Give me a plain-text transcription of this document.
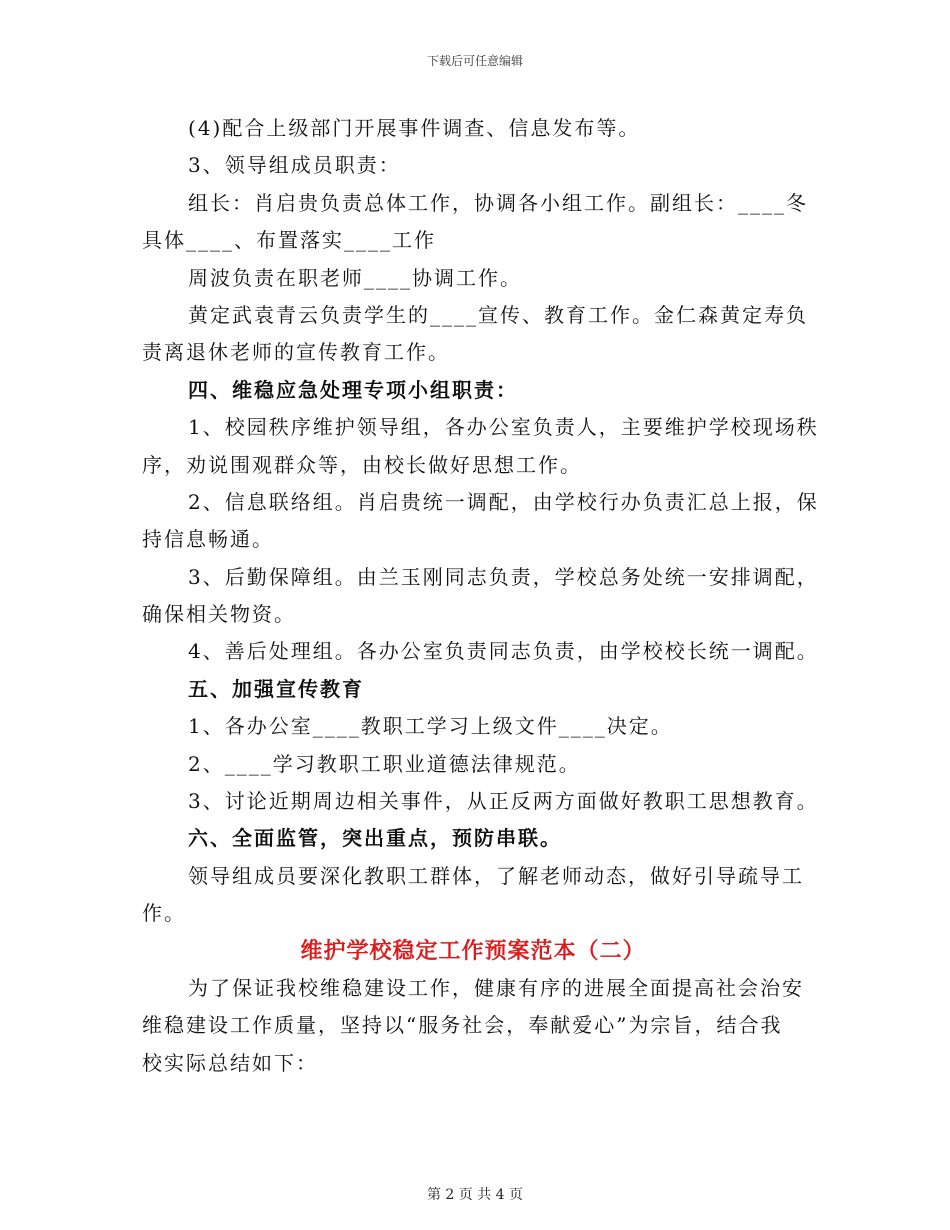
下载后可任意编辑
(4)配合上级部门开展事件调查、信息发布等。
3、领导组成员职责：
组长：肖启贵负责总体工作，协调各小组工作。副组长：____冬
具体____、布置落实____工作
周波负责在职老师____协调工作。
黄定武袁青云负责学生的____宣传、教育工作。金仁森黄定寿负
责离退休老师的宣传教育工作。
四、维稳应急处理专项小组职责：
1、校园秩序维护领导组，各办公室负责人，主要维护学校现场秩
序，劝说围观群众等，由校长做好思想工作。
2、信息联络组。肖启贵统一调配，由学校行办负责汇总上报，保
持信息畅通。
3、后勤保障组。由兰玉刚同志负责，学校总务处统一安排调配，
确保相关物资。
4、善后处理组。各办公室负责同志负责，由学校校长统一调配。
五、加强宣传教育
1、各办公室____教职工学习上级文件____决定。
2、____学习教职工职业道德法律规范。
3、讨论近期周边相关事件，从正反两方面做好教职工思想教育。
六、全面监管，突出重点，预防串联。
领导组成员要深化教职工群体，了解老师动态，做好引导疏导工
作。
维护学校稳定工作预案范本（二）
为了保证我校维稳建设工作，健康有序的进展全面提高社会治安
维稳建设工作质量，坚持以“服务社会，奉献爱心”为宗旨，结合我
校实际总结如下：
第 2 页 共 4 页
